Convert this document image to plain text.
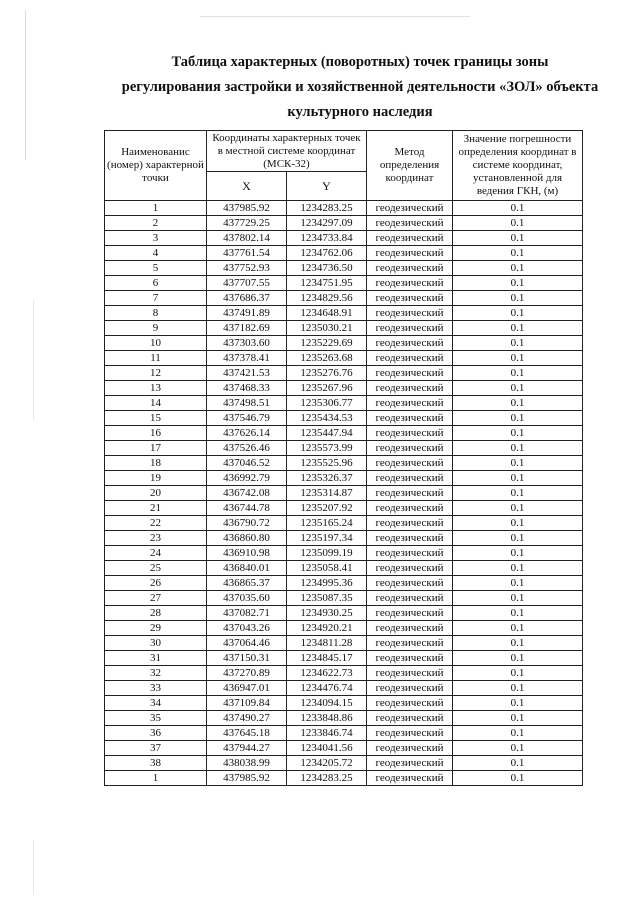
Таблица характерных (поворотных) точек границы зоны
регулирования застройки и хозяйственной деятельности «ЗОЛ» объекта
культурного наследия
Наименованис (номер) характерной точки	Координаты характерных точек в местной системе координат (МСК-32)		Метод определения координат	Значение погрешности определения координат в системе координат, установленной для ведения ГКН, (м)
	X	Y		
1	437985.92	1234283.25	геодезический	0.1
2	437729.25	1234297.09	геодезический	0.1
3	437802.14	1234733.84	геодезический	0.1
4	437761.54	1234762.06	геодезический	0.1
5	437752.93	1234736.50	геодезический	0.1
6	437707.55	1234751.95	геодезический	0.1
7	437686.37	1234829.56	геодезический	0.1
8	437491.89	1234648.91	геодезический	0.1
9	437182.69	1235030.21	геодезический	0.1
10	437303.60	1235229.69	геодезический	0.1
11	437378.41	1235263.68	геодезический	0.1
12	437421.53	1235276.76	геодезический	0.1
13	437468.33	1235267.96	геодезический	0.1
14	437498.51	1235306.77	геодезический	0.1
15	437546.79	1235434.53	геодезический	0.1
16	437626.14	1235447.94	геодезический	0.1
17	437526.46	1235573.99	геодезический	0.1
18	437046.52	1235525.96	геодезический	0.1
19	436992.79	1235326.37	геодезический	0.1
20	436742.08	1235314.87	геодезический	0.1
21	436744.78	1235207.92	геодезический	0.1
22	436790.72	1235165.24	геодезический	0.1
23	436860.80	1235197.34	геодезический	0.1
24	436910.98	1235099.19	геодезический	0.1
25	436840.01	1235058.41	геодезический	0.1
26	436865.37	1234995.36	геодезический	0.1
27	437035.60	1235087.35	геодезический	0.1
28	437082.71	1234930.25	геодезический	0.1
29	437043.26	1234920.21	геодезический	0.1
30	437064.46	1234811.28	геодезический	0.1
31	437150.31	1234845.17	геодезический	0.1
32	437270.89	1234622.73	геодезический	0.1
33	436947.01	1234476.74	геодезический	0.1
34	437109.84	1234094.15	геодезический	0.1
35	437490.27	1233848.86	геодезический	0.1
36	437645.18	1233846.74	геодезический	0.1
37	437944.27	1234041.56	геодезический	0.1
38	438038.99	1234205.72	геодезический	0.1
1	437985.92	1234283.25	геодезический	0.1
